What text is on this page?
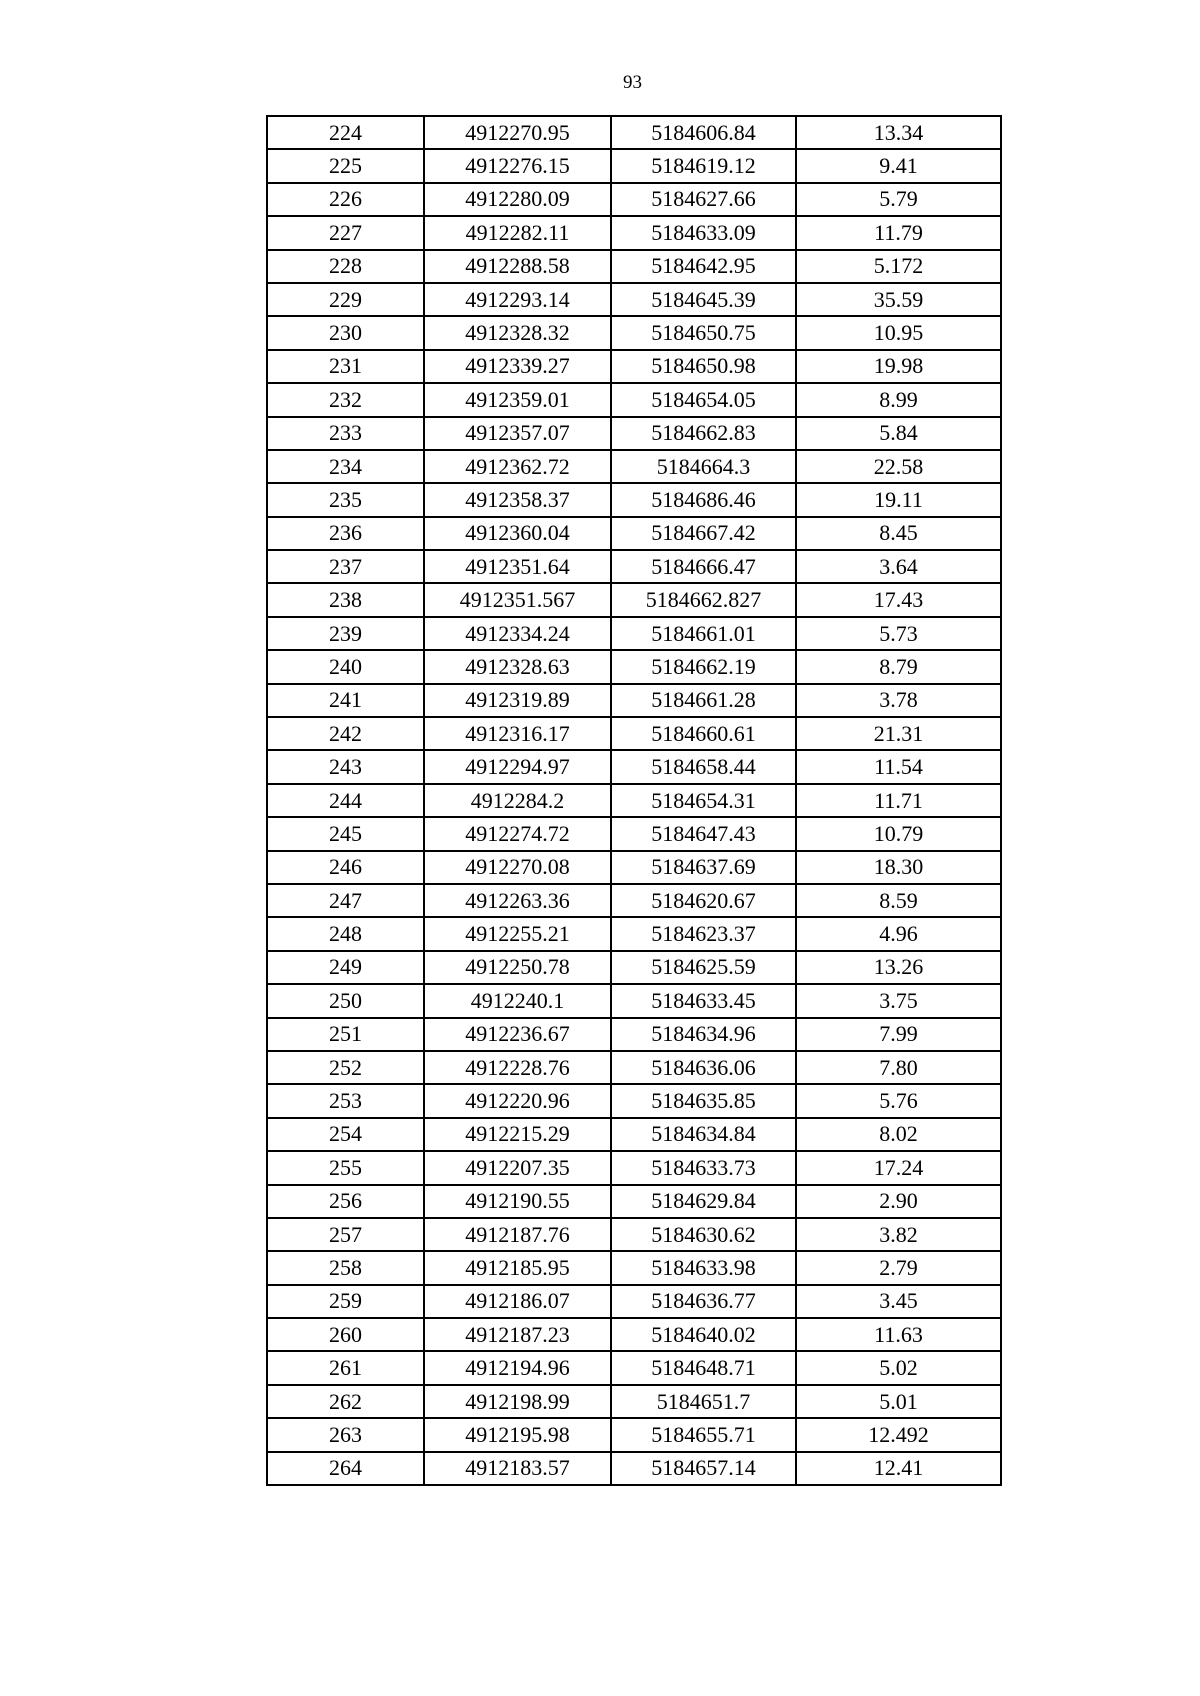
93
224	4912270.95	5184606.84	13.34
225	4912276.15	5184619.12	9.41
226	4912280.09	5184627.66	5.79
227	4912282.11	5184633.09	11.79
228	4912288.58	5184642.95	5.172
229	4912293.14	5184645.39	35.59
230	4912328.32	5184650.75	10.95
231	4912339.27	5184650.98	19.98
232	4912359.01	5184654.05	8.99
233	4912357.07	5184662.83	5.84
234	4912362.72	5184664.3	22.58
235	4912358.37	5184686.46	19.11
236	4912360.04	5184667.42	8.45
237	4912351.64	5184666.47	3.64
238	4912351.567	5184662.827	17.43
239	4912334.24	5184661.01	5.73
240	4912328.63	5184662.19	8.79
241	4912319.89	5184661.28	3.78
242	4912316.17	5184660.61	21.31
243	4912294.97	5184658.44	11.54
244	4912284.2	5184654.31	11.71
245	4912274.72	5184647.43	10.79
246	4912270.08	5184637.69	18.30
247	4912263.36	5184620.67	8.59
248	4912255.21	5184623.37	4.96
249	4912250.78	5184625.59	13.26
250	4912240.1	5184633.45	3.75
251	4912236.67	5184634.96	7.99
252	4912228.76	5184636.06	7.80
253	4912220.96	5184635.85	5.76
254	4912215.29	5184634.84	8.02
255	4912207.35	5184633.73	17.24
256	4912190.55	5184629.84	2.90
257	4912187.76	5184630.62	3.82
258	4912185.95	5184633.98	2.79
259	4912186.07	5184636.77	3.45
260	4912187.23	5184640.02	11.63
261	4912194.96	5184648.71	5.02
262	4912198.99	5184651.7	5.01
263	4912195.98	5184655.71	12.492
264	4912183.57	5184657.14	12.41
